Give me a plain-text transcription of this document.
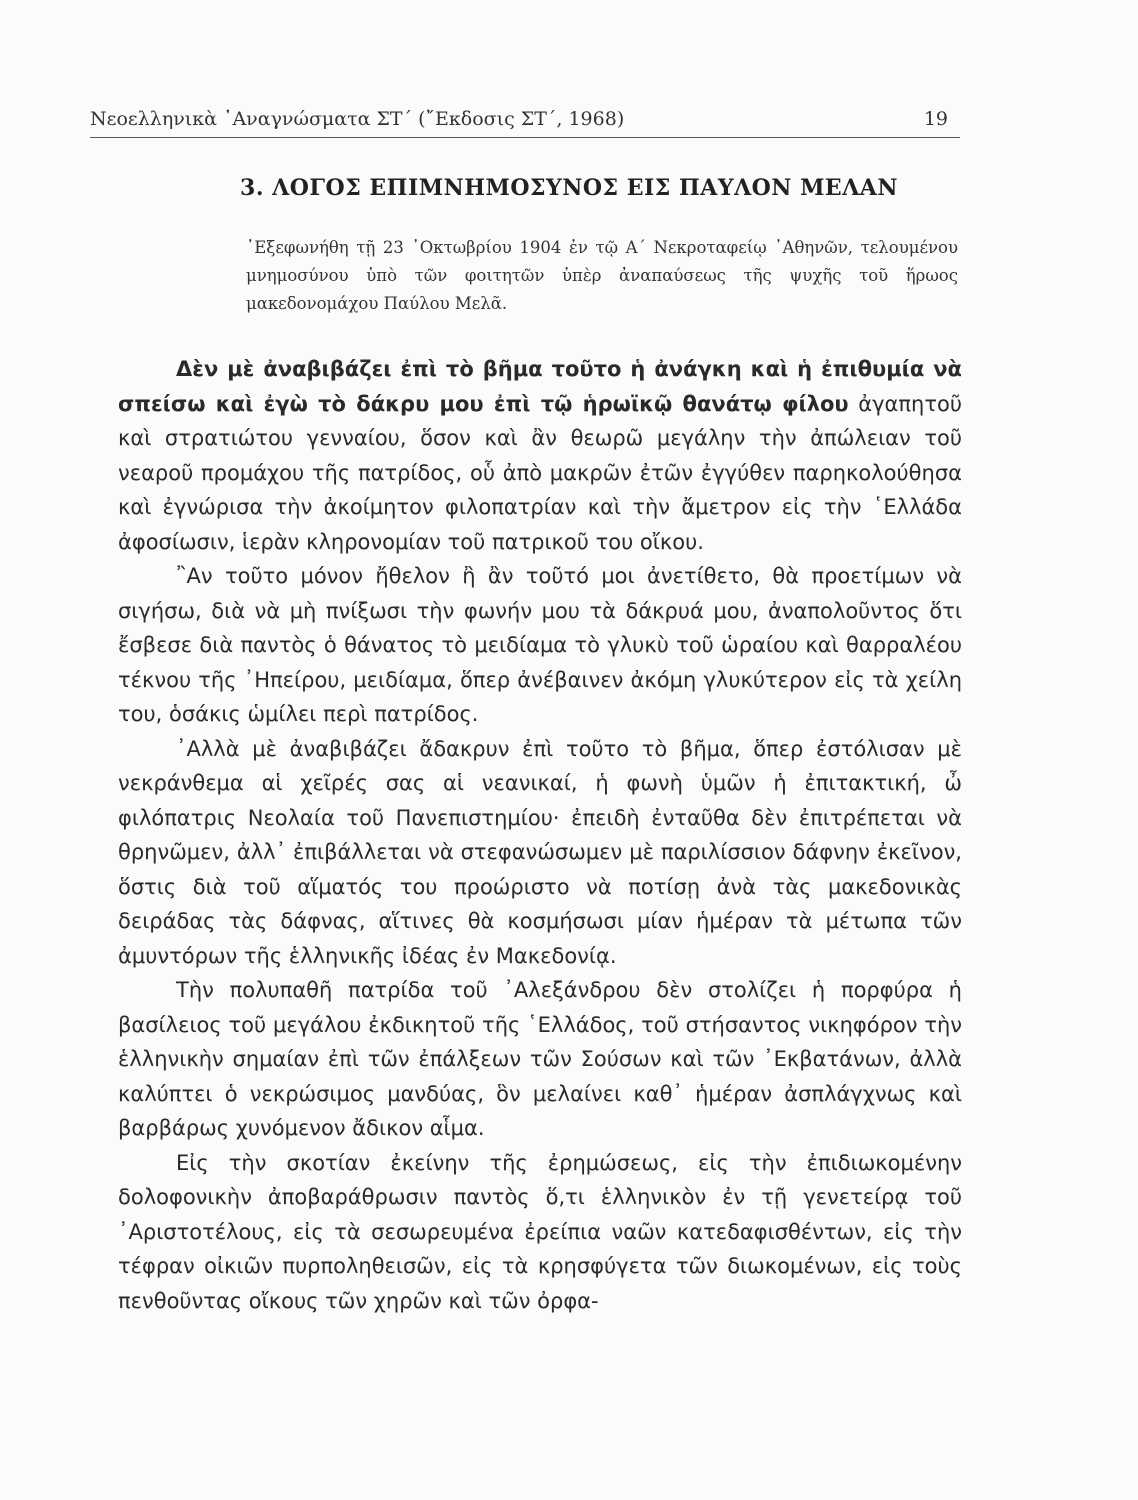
Νεοελληνικὰ ᾿Αναγνώσματα ΣΤ΄ (῎Εκδοσις ΣΤ΄, 1968)	19
3. ΛΟΓΟΣ ΕΠΙΜΝΗΜΟΣΥΝΟΣ ΕΙΣ ΠΑΥΛΟΝ ΜΕΛΑΝ

᾿Εξεφωνήθη τῇ 23 ᾿Οκτωβρίου 1904 ἐν τῷ Α΄ Νεκροταφείῳ ᾿Αθηνῶν, τελουμένου μνημοσύνου ὑπὸ τῶν φοιτητῶν ὑπὲρ ἀναπαύσεως τῆς ψυχῆς τοῦ ἥρωος μακεδονομάχου Παύλου Μελᾶ.

Δὲν μὲ ἀναβιβάζει ἐπὶ τὸ βῆμα τοῦτο ἡ ἀνάγκη καὶ ἡ ἐπιθυμία νὰ σπείσω καὶ ἐγὼ τὸ δάκρυ μου ἐπὶ τῷ ἡρωϊκῷ θανάτῳ φίλου ἀγαπητοῦ καὶ στρατιώτου γενναίου, ὅσον καὶ ἂν θεωρῶ μεγάλην τὴν ἀπώλειαν τοῦ νεαροῦ προμάχου τῆς πατρίδος, οὗ ἀπὸ μακρῶν ἐτῶν ἐγγύθεν παρηκολούθησα καὶ ἐγνώρισα τὴν ἀκοίμητον φιλοπατρίαν καὶ τὴν ἄμετρον εἰς τὴν ῾Ελλάδα ἀφοσίωσιν, ἱερὰν κληρονομίαν τοῦ πατρικοῦ του οἴκου.

῍Αν τοῦτο μόνον ἤθελον ἢ ἂν τοῦτό μοι ἀνετίθετο, θὰ προετίμων νὰ σιγήσω, διὰ νὰ μὴ πνίξωσι τὴν φωνήν μου τὰ δάκρυά μου, ἀναπολοῦντος ὅτι ἔσβεσε διὰ παντὸς ὁ θάνατος τὸ μειδίαμα τὸ γλυκὺ τοῦ ὡραίου καὶ θαρραλέου τέκνου τῆς ᾿Ηπείρου, μειδίαμα, ὅπερ ἀνέβαινεν ἀκόμη γλυκύτερον εἰς τὰ χείλη του, ὁσάκις ὡμίλει περὶ πατρίδος.

᾿Αλλὰ μὲ ἀναβιβάζει ἄδακρυν ἐπὶ τοῦτο τὸ βῆμα, ὅπερ ἐστόλισαν μὲ νεκράνθεμα αἱ χεῖρές σας αἱ νεανικαί, ἡ φωνὴ ὑμῶν ἡ ἐπιτακτική, ὦ φιλόπατρις Νεολαία τοῦ Πανεπιστημίου· ἐπειδὴ ἐνταῦθα δὲν ἐπιτρέπεται νὰ θρηνῶμεν, ἀλλ᾿ ἐπιβάλλεται νὰ στεφανώσωμεν μὲ παριλίσσιον δάφνην ἐκεῖνον, ὅστις διὰ τοῦ αἵματός του προώριστο νὰ ποτίσῃ ἀνὰ τὰς μακεδονικὰς δειράδας τὰς δάφνας, αἵτινες θὰ κοσμήσωσι μίαν ἡμέραν τὰ μέτωπα τῶν ἀμυντόρων τῆς ἑλληνικῆς ἰδέας ἐν Μακεδονίᾳ.

Τὴν πολυπαθῆ πατρίδα τοῦ ᾿Αλεξάνδρου δὲν στολίζει ἡ πορφύρα ἡ βασίλειος τοῦ μεγάλου ἐκδικητοῦ τῆς ῾Ελλάδος, τοῦ στήσαντος νικηφόρον τὴν ἑλληνικὴν σημαίαν ἐπὶ τῶν ἐπάλξεων τῶν Σούσων καὶ τῶν ᾿Εκβατάνων, ἀλλὰ καλύπτει ὁ νεκρώσιμος μανδύας, ὃν μελαίνει καθ᾿ ἡμέραν ἀσπλάγχνως καὶ βαρβάρως χυνόμενον ἄδικον αἷμα.

Εἰς τὴν σκοτίαν ἐκείνην τῆς ἐρημώσεως, εἰς τὴν ἐπιδιωκομένην δολοφονικὴν ἀποβαράθρωσιν παντὸς ὅ,τι ἑλληνικὸν ἐν τῇ γενετείρᾳ τοῦ ᾿Αριστοτέλους, εἰς τὰ σεσωρευμένα ἐρείπια ναῶν κατεδαφισθέντων, εἰς τὴν τέφραν οἰκιῶν πυρποληθεισῶν, εἰς τὰ κρησφύγετα τῶν διωκομένων, εἰς τοὺς πενθοῦντας οἴκους τῶν χηρῶν καὶ τῶν ὀρφα-
